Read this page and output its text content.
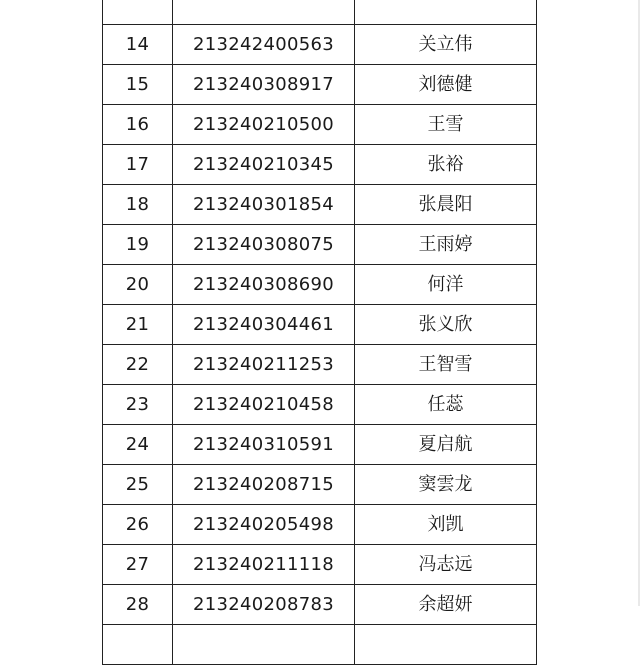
14	213242400563	关立伟
15	213240308917	刘德健
16	213240210500	王雪
17	213240210345	张裕
18	213240301854	张晨阳
19	213240308075	王雨婷
20	213240308690	何洋
21	213240304461	张义欣
22	213240211253	王智雪
23	213240210458	任蕊
24	213240310591	夏启航
25	213240208715	窦雲龙
26	213240205498	刘凯
27	213240211118	冯志远
28	213240208783	余超妍
